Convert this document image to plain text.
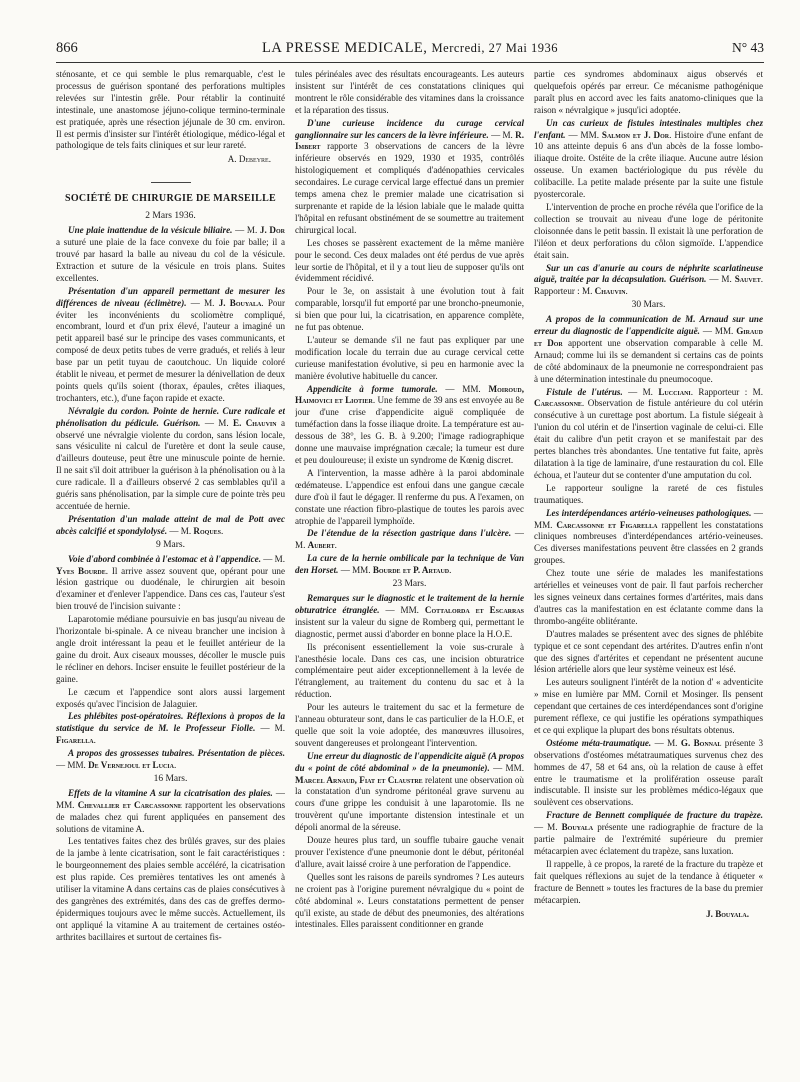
866	LA PRESSE MEDICALE, Mercredi, 27 Mai 1936	N° 43

sténosante, et ce qui semble le plus remarquable, c'est le processus de guérison spontané des perforations multiples relevées sur l'intestin grêle. Pour rétablir la continuité intestinale, une anastomose jéjuno-colique termino-terminale est pratiquée, après une résection jéjunale de 30 cm. environ. Il est permis d'insister sur l'intérêt étiologique, médico-légal et pathologique de tels faits cliniques et sur leur rareté.

A. Debeyre.
SOCIÉTÉ DE CHIRURGIE DE MARSEILLE
2 Mars 1936.

Une plaie inattendue de la vésicule biliaire. — M. J. Dor a suturé une plaie de la face convexe du foie par balle; il a trouvé par hasard la balle au niveau du col de la vésicule. Extraction et suture de la vésicule en trois plans. Suites excellentes.

Présentation d'un appareil permettant de mesurer les différences de niveau (éclimètre). — M. J. Bouyala. Pour éviter les inconvénients du scoliomètre compliqué, encombrant, lourd et d'un prix élevé, l'auteur a imaginé un petit appareil basé sur le principe des vases communicants, et composé de deux petits tubes de verre gradués, et reliés à leur base par un petit tuyau de caoutchouc. Un liquide coloré établit le niveau, et permet de mesurer la dénivellation de deux points quels qu'ils soient (thorax, épaules, crêtes iliaques, trochanters, etc.), d'une façon rapide et exacte.

Névralgie du cordon. Pointe de hernie. Cure radicale et phénolisation du pédicule. Guérison. — M. E. Chauvin a observé une névralgie violente du cordon, sans lésion locale, sans vésiculite ni calcul de l'uretère et dont la seule cause, d'ailleurs douteuse, peut être une minuscule pointe de hernie. Il ne sait s'il doit attribuer la guérison à la phénolisation ou à la cure radicale. Il a d'ailleurs observé 2 cas semblables qu'il a guéris sans phénolisation, par la simple cure de pointe très peu accentuée de hernie.

Présentation d'un malade atteint de mal de Pott avec abcès calcifié et spondylolysé. — M. Roques.

9 Mars.

Voie d'abord combinée à l'estomac et à l'appendice. — M. Yves Bourde. Il arrive assez souvent que, opérant pour une lésion gastrique ou duodénale, le chirurgien ait besoin d'examiner et d'enlever l'appendice. Dans ces cas, l'auteur s'est bien trouvé de l'incision suivante :

Laparotomie médiane poursuivie en bas jusqu'au niveau de l'horizontale bi-spinale. A ce niveau brancher une incision à angle droit intéressant la peau et le feuillet antérieur de la gaine du droit. Aux ciseaux mousses, décoller le muscle puis le récliner en dehors. Inciser ensuite le feuillet postérieur de la gaine.

Le cæcum et l'appendice sont alors aussi largement exposés qu'avec l'incision de Jalaguier.

Les phlébites post-opératoires. Réflexions à propos de la statistique du service de M. le Professeur Fiolle. — M. Figarella.

A propos des grossesses tubaires. Présentation de pièces. — MM. De Vernejoul et Lucia.

16 Mars.

Effets de la vitamine A sur la cicatrisation des plaies. — MM. Chevallier et Carcassonne rapportent les observations de malades chez qui furent appliquées en pansement des solutions de vitamine A.

Les tentatives faites chez des brûlés graves, sur des plaies de la jambe à lente cicatrisation, sont le fait caractéristiques : le bourgeonnement des plaies semble accéléré, la cicatrisation est plus rapide. Ces premières tentatives les ont amenés à utiliser la vitamine A dans certains cas de plaies consécutives à des gangrènes des extrémités, dans des cas de greffes dermo-épidermiques toujours avec le même succès. Actuellement, ils ont appliqué la vitamine A au traitement de certaines ostéo-arthrites bacillaires et surtout de certaines fis-

tules périnéales avec des résultats encourageants. Les auteurs insistent sur l'intérêt de ces constatations cliniques qui montrent le rôle considérable des vitamines dans la croissance et la réparation des tissus.

D'une curieuse incidence du curage cervical ganglionnaire sur les cancers de la lèvre inférieure. — M. R. Imbert rapporte 3 observations de cancers de la lèvre inférieure observés en 1929, 1930 et 1935, contrôlés histologiquement et compliqués d'adénopathies cervicales secondaires. Le curage cervical large effectué dans un premier temps amena chez le premier malade une cicatrisation si surprenante et rapide de la lésion labiale que le malade quitta l'hôpital en refusant obstinément de se soumettre au traitement chirurgical local.

Les choses se passèrent exactement de la même manière pour le second. Ces deux malades ont été perdus de vue après leur sortie de l'hôpital, et il y a tout lieu de supposer qu'ils ont évidemment récidivé.

Pour le 3e, on assistait à une évolution tout à fait comparable, lorsqu'il fut emporté par une broncho-pneumonie, si bien que pour lui, la cicatrisation, en apparence complète, ne fut pas obtenue.

L'auteur se demande s'il ne faut pas expliquer par une modification locale du terrain due au curage cervical cette curieuse manifestation évolutive, si peu en harmonie avec la manière évolutive habituelle du cancer.

Appendicite à forme tumorale. — MM. Moiroud, Haimovici et Liotier. Une femme de 39 ans est envoyée au 8e jour d'une crise d'appendicite aiguë compliquée de tuméfaction dans la fosse iliaque droite. La température est au-dessous de 38°, les G. B. à 9.200; l'image radiographique donne une mauvaise imprégnation cæcale; la tumeur est dure et peu douloureuse; il existe un syndrome de Kœnig discret.

A l'intervention, la masse adhère à la paroi abdominale œdémateuse. L'appendice est enfoui dans une gangue cæcale dure d'où il faut le dégager. Il renferme du pus. A l'examen, on constate une réaction fibro-plastique de toutes les parois avec atrophie de l'appareil lymphoïde.

De l'étendue de la résection gastrique dans l'ulcère. — M. Aubert.

La cure de la hernie ombilicale par la technique de Van den Horset. — MM. Bourde et P. Artaud.

23 Mars.

Remarques sur le diagnostic et le traitement de la hernie obturatrice étranglée. — MM. Cottalorda et Escarras insistent sur la valeur du signe de Romberg qui, permettant le diagnostic, permet aussi d'aborder en bonne place la H.O.E.

Ils préconisent essentiellement la voie sus-crurale à l'anesthésie locale. Dans ces cas, une incision obturatrice complémentaire peut aider exceptionnellement à la levée de l'étranglement, au traitement du contenu du sac et à la réduction.

Pour les auteurs le traitement du sac et la fermeture de l'anneau obturateur sont, dans le cas particulier de la H.O.E, et quelle que soit la voie adoptée, des manœuvres illusoires, souvent dangereuses et prolongeant l'intervention.

Une erreur du diagnostic de l'appendicite aiguë (A propos du « point de côté abdominal » de la pneumonie). — MM. Marcel Arnaud, Fiat et Claustre relatent une observation où la constatation d'un syndrome péritonéal grave survenu au cours d'une grippe les conduisit à une laparotomie. Ils ne trouvèrent qu'une importante distension intestinale et un dépoli anormal de la séreuse.

Douze heures plus tard, un souffle tubaire gauche venait prouver l'existence d'une pneumonie dont le début, péritonéal d'allure, avait laissé croire à une perforation de l'appendice.

Quelles sont les raisons de pareils syndromes ? Les auteurs ne croient pas à l'origine purement névralgique du « point de côté abdominal ». Leurs constatations permettent de penser qu'il existe, au stade de début des pneumonies, des altérations intestinales. Elles paraissent conditionner en grande

partie ces syndromes abdominaux aigus observés et quelquefois opérés par erreur. Ce mécanisme pathogénique paraît plus en accord avec les faits anatomo-cliniques que la raison « névralgique » jusqu'ici adoptée.

Un cas curieux de fistules intestinales multiples chez l'enfant. — MM. Salmon et J. Dor. Histoire d'une enfant de 10 ans atteinte depuis 6 ans d'un abcès de la fosse lombo-iliaque droite. Ostéite de la crête iliaque. Aucune autre lésion osseuse. Un examen bactériologique du pus révèle du colibacille. La petite malade présente par la suite une fistule pyostercorale.

L'intervention de proche en proche révéla que l'orifice de la collection se trouvait au niveau d'une loge de péritonite cloisonnée dans le petit bassin. Il existait là une perforation de l'iléon et deux perforations du côlon sigmoïde. L'appendice était sain.

Sur un cas d'anurie au cours de néphrite scarlatineuse aiguë, traitée par la décapsulation. Guérison. — M. Sauvet. Rapporteur : M. Chauvin.

30 Mars.

A propos de la communication de M. Arnaud sur une erreur du diagnostic de l'appendicite aiguë. — MM. Giraud et Dor apportent une observation comparable à celle M. Arnaud; comme lui ils se demandent si certains cas de points de côté abdominaux de la pneumonie ne correspondraient pas à une détermination intestinale du pneumocoque.

Fistule de l'utérus. — M. Lucciani. Rapporteur : M. Carcassonne. Observation de fistule antérieure du col utérin consécutive à un curettage post abortum. La fistule siégeait à l'union du col utérin et de l'insertion vaginale de celui-ci. Elle était du calibre d'un petit crayon et se manifestait par des pertes blanches très abondantes. Une tentative fut faite, après dilatation à la tige de laminaire, d'une restauration du col. Elle échoua, et l'auteur dut se contenter d'une amputation du col.

Le rapporteur souligne la rareté de ces fistules traumatiques.

Les interdépendances artério-veineuses pathologiques. — MM. Carcassonne et Figarella rappellent les constatations cliniques nombreuses d'interdépendances artério-veineuses. Ces diverses manifestations peuvent être classées en 2 grands groupes.

Chez toute une série de malades les manifestations artérielles et veineuses vont de pair. Il faut parfois rechercher les signes veineux dans certaines formes d'artérites, mais dans d'autres cas la manifestation en est éclatante comme dans la thrombo-angéite oblitérante.

D'autres malades se présentent avec des signes de phlébite typique et ce sont cependant des artérites. D'autres enfin n'ont que des signes d'artérites et cependant ne présentent aucune lésion artérielle alors que leur système veineux est lésé.

Les auteurs soulignent l'intérêt de la notion d' « adventicite » mise en lumière par MM. Cornil et Mosinger. Ils pensent cependant que certaines de ces interdépendances sont d'origine purement réflexe, ce qui justifie les opérations sympathiques et ce qui explique la plupart des bons résultats obtenus.

Ostéome méta-traumatique. — M. G. Bonnal présente 3 observations d'ostéomes métatraumatiques survenus chez des hommes de 47, 58 et 64 ans, où la relation de cause à effet entre le traumatisme et la prolifération osseuse paraît indiscutable. Il insiste sur les problèmes médico-légaux que soulèvent ces observations.

Fracture de Bennett compliquée de fracture du trapèze. — M. Bouyala présente une radiographie de fracture de la partie palmaire de l'extrémité supérieure du premier métacarpien avec éclatement du trapèze, sans luxation.

Il rappelle, à ce propos, la rareté de la fracture du trapèze et fait quelques réflexions au sujet de la tendance à étiqueter « fracture de Bennett » toutes les fractures de la base du premier métacarpien.

J. Bouyala.
